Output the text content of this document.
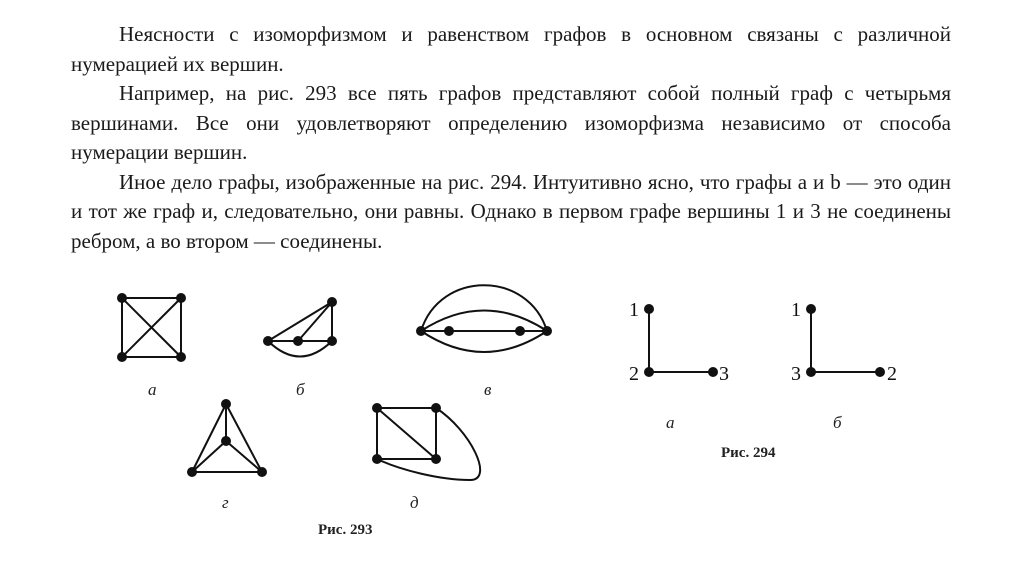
Неясности с изоморфизмом и равенством графов в основном связаны с различной нумерацией их вершин.

Например, на рис. 293 все пять графов представляют собой полный граф с четырьмя вершинами. Все они удовлетворяют определению изоморфизма независимо от способа нумерации вершин.

Иное дело графы, изображенные на рис. 294. Интуитивно ясно, что графы a и b — это один и тот же граф и, следовательно, они равны. Однако в первом графе вершины 1 и 3 не соединены ребром, а во втором — соединены.

а	б	в
г	д
а	б
1
2	3
1
3	2
Рис. 293
Рис. 294
